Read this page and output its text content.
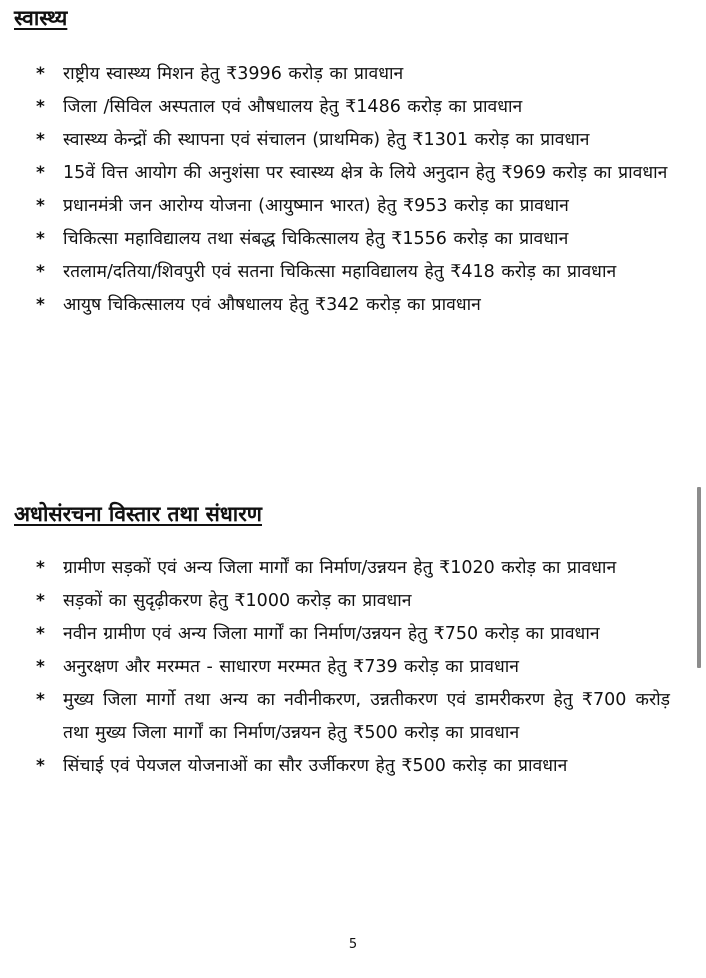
स्वास्थ्य
* राष्ट्रीय स्वास्थ्य मिशन हेतु ₹3996 करोड़ का प्रावधान
* जिला /सिविल अस्पताल एवं औषधालय हेतु ₹1486 करोड़ का प्रावधान
* स्वास्थ्य केन्द्रों की स्थापना एवं संचालन (प्राथमिक) हेतु ₹1301 करोड़ का प्रावधान
* 15वें वित्त आयोग की अनुशंसा पर स्वास्थ्य क्षेत्र के लिये अनुदान हेतु ₹969 करोड़ का प्रावधान
* प्रधानमंत्री जन आरोग्य योजना (आयुष्मान भारत) हेतु ₹953 करोड़ का प्रावधान
* चिकित्सा महाविद्यालय तथा संबद्ध चिकित्सालय हेतु ₹1556 करोड़ का प्रावधान
* रतलाम/दतिया/शिवपुरी एवं सतना चिकित्सा महाविद्यालय हेतु ₹418 करोड़ का प्रावधान
* आयुष चिकित्सालय एवं औषधालय हेतु ₹342 करोड़ का प्रावधान
अधोसंरचना विस्तार तथा संधारण
* ग्रामीण सड़कों एवं अन्य जिला मार्गों का निर्माण/उन्नयन हेतु ₹1020 करोड़ का प्रावधान
* सड़कों का सुदृढ़ीकरण हेतु ₹1000 करोड़ का प्रावधान
* नवीन ग्रामीण एवं अन्य जिला मार्गों का निर्माण/उन्नयन हेतु ₹750 करोड़ का प्रावधान
* अनुरक्षण और मरम्मत - साधारण मरम्मत हेतु ₹739 करोड़ का प्रावधान
* मुख्य जिला मार्गो तथा अन्य का नवीनीकरण, उन्नतीकरण एवं डामरीकरण हेतु ₹700 करोड़ तथा मुख्य जिला मार्गों का निर्माण/उन्नयन हेतु ₹500 करोड़ का प्रावधान
* सिंचाई एवं पेयजल योजनाओं का सौर उर्जीकरण हेतु ₹500 करोड़ का प्रावधान
5
